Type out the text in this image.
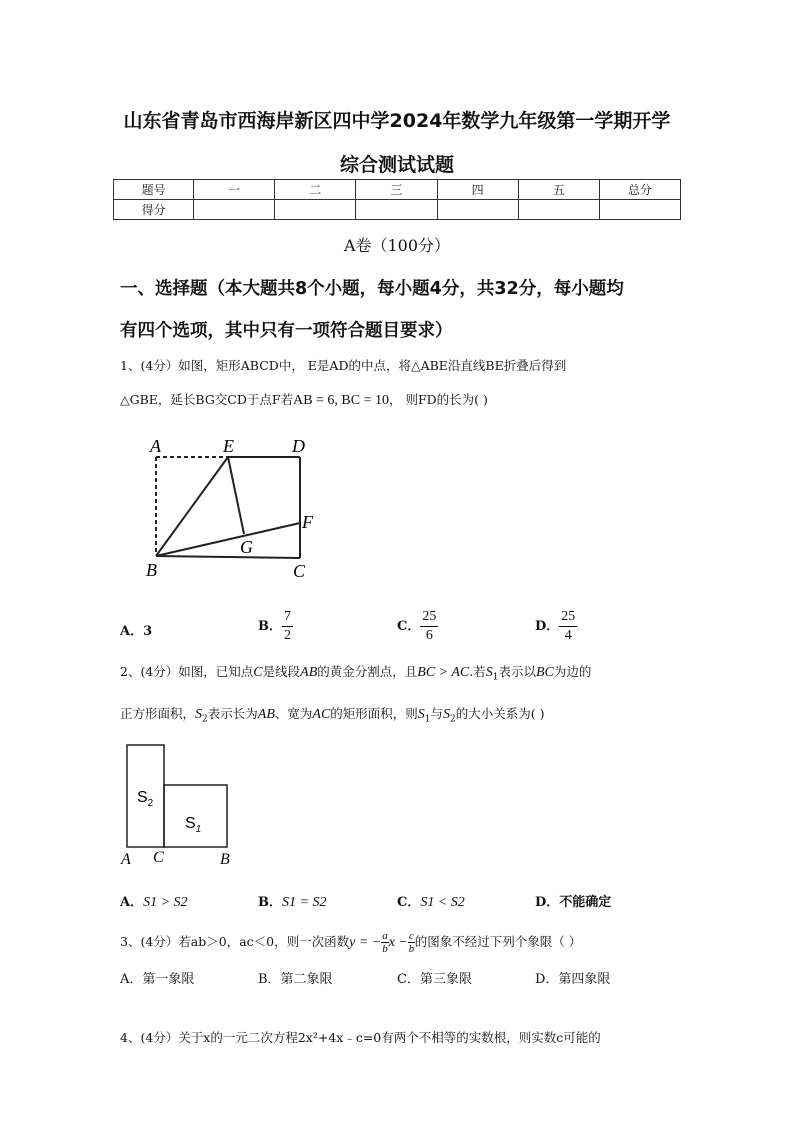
山东省青岛市西海岸新区四中学2024年数学九年级第一学期开学
综合测试试题
题号	一	二	三	四	五	总分
得分						
A卷（100分）
一、选择题（本大题共8个小题，每小题4分，共32分，每小题均
有四个选项，其中只有一项符合题目要求）
1、(4分）如图，矩形ABCD中， E是AD的中点，将△ABE沿直线BE折叠后得到
△GBE，延长BG交CD于点F若AB = 6, BC = 10， 则FD的长为( )
A	E	D
F
G
B	C
A．3	B． $\frac{7}{2}$	C． $\frac{25}{6}$	D． $\frac{25}{4}$
2、(4分）如图，已知点C是线段AB的黄金分割点，且BC > AC.若$S_1$表示以BC为边的
正方形面积，$S_2$表示长为AB、宽为AC的矩形面积，则$S_1$与$S_2$的大小关系为( )
$S_2$
$S_1$
A C	B
A．S1 > S2	B．S1 = S2	C．S1 < S2	D．不能确定
3、(4分）若ab＞0，ac＜0，则一次函数y = − $\frac{a}{b}x - \frac{c}{b}$的图象不经过下列个象限（ ）
A．第一象限	B．第二象限	C．第三象限	D．第四象限
4、(4分）关于x的一元二次方程2x²+4x﹣c=0有两个不相等的实数根，则实数c可能的
